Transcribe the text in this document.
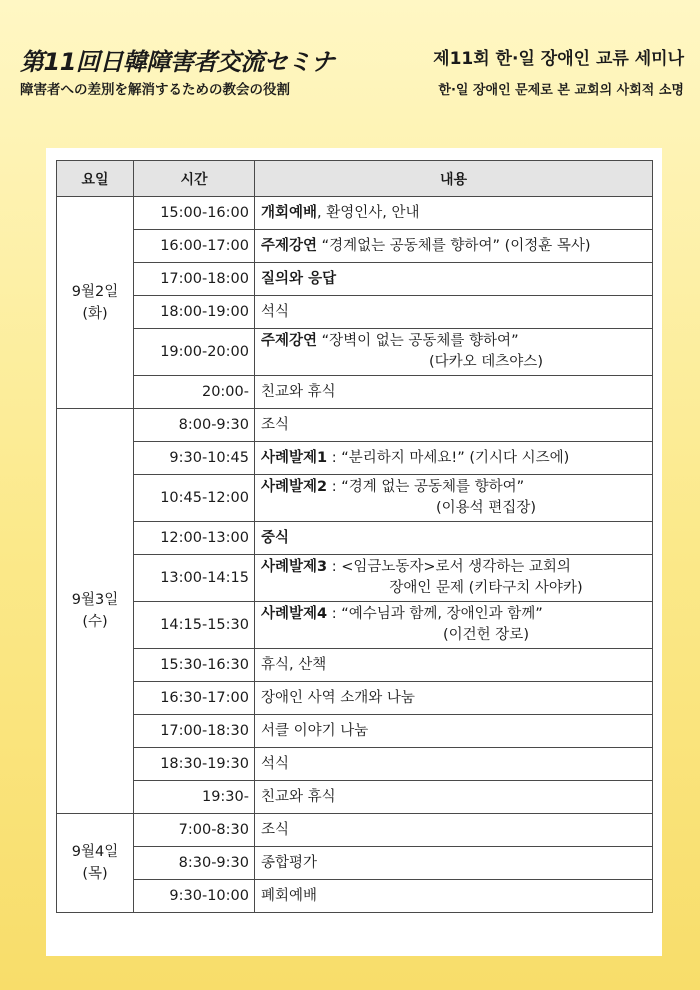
第11回日韓障害者交流セミナ
障害者への差別を解消するための教会の役割
제11회 한·일 장애인 교류 세미나
한·일 장애인 문제로 본 교회의 사회적 소명
요일	시간	내용

9월2일
(화)	15:00-16:00	개회예배, 환영인사, 안내
	16:00-17:00	주제강연 “경계없는 공동체를 향하여” (이정훈 목사)
	17:00-18:00	질의와 응답
	18:00-19:00	석식
	19:00-20:00	주제강연 “장벽이 없는 공동체를 향하여”
(다카오 데츠야스)

	20:00-	친교와 휴식

9월3일
(수)	8:00-9:30	조식
	9:30-10:45	사례발제1 : “분리하지 마세요!” (기시다 시즈에)
	10:45-12:00	사례발제2 : “경계 없는 공동체를 향하여”
(이용석 편집장)

	12:00-13:00	중식
	13:00-14:15	사례발제3 : <임금노동자>로서 생각하는 교회의
장애인 문제 (키타구치 사야카)

	14:15-15:30	사례발제4 : “예수님과 함께, 장애인과 함께”
(이건헌 장로)

	15:30-16:30	휴식, 산책
	16:30-17:00	장애인 사역 소개와 나눔
	17:00-18:30	서클 이야기 나눔
	18:30-19:30	석식
	19:30-	친교와 휴식

9월4일
(목)	7:00-8:30	조식
	8:30-9:30	종합평가
	9:30-10:00	폐회예배
